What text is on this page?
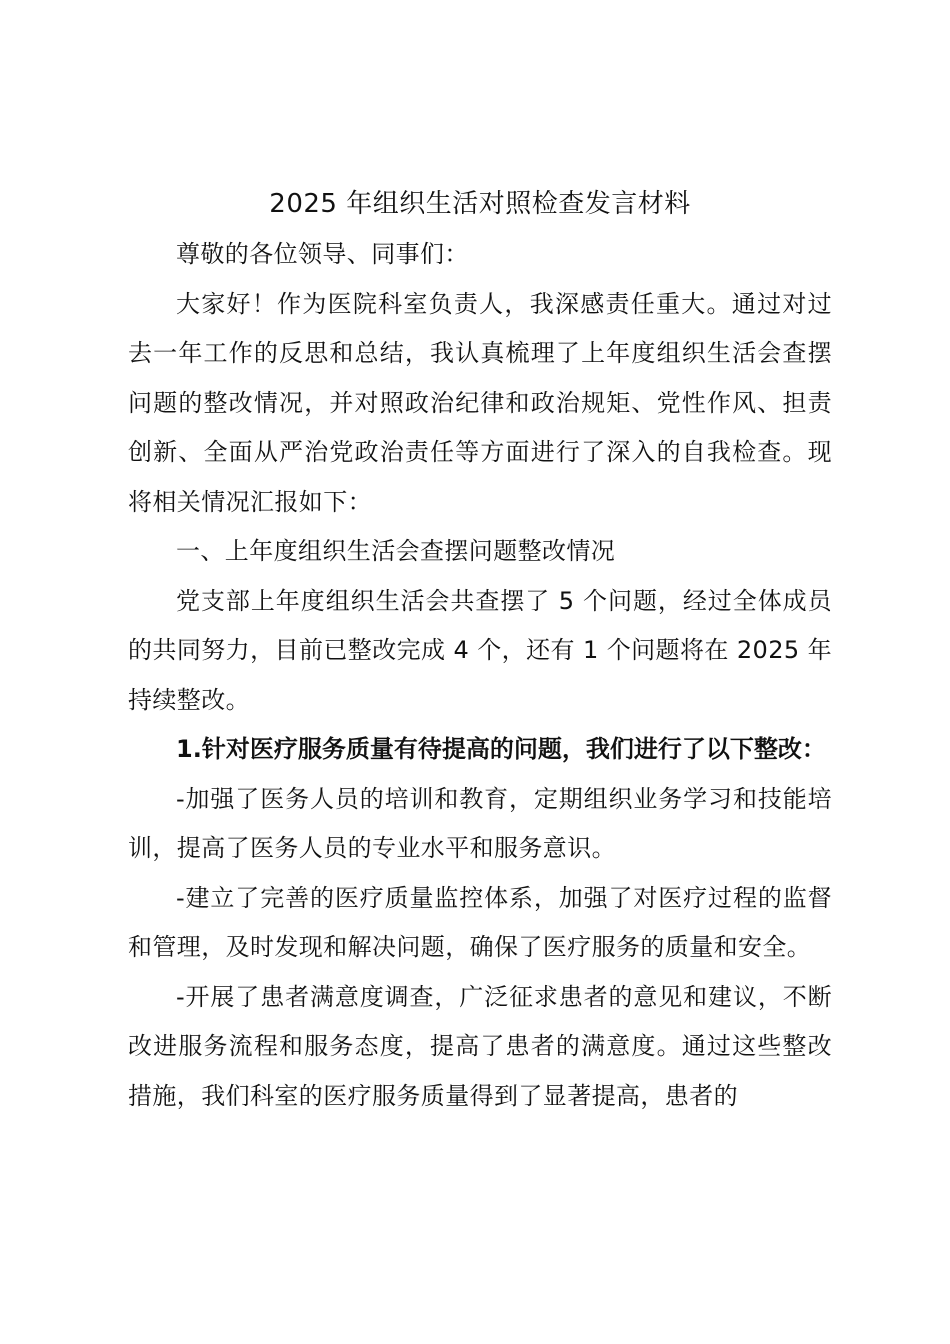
2025 年组织生活对照检查发言材料

尊敬的各位领导、同事们：

大家好！作为医院科室负责人，我深感责任重大。通过对过去一年工作的反思和总结，我认真梳理了上年度组织生活会查摆问题的整改情况，并对照政治纪律和政治规矩、党性作风、担责创新、全面从严治党政治责任等方面进行了深入的自我检查。现将相关情况汇报如下：

一、上年度组织生活会查摆问题整改情况

党支部上年度组织生活会共查摆了 5 个问题，经过全体成员的共同努力，目前已整改完成 4 个，还有 1 个问题将在 2025 年持续整改。

1.针对医疗服务质量有待提高的问题，我们进行了以下整改：

-加强了医务人员的培训和教育，定期组织业务学习和技能培训，提高了医务人员的专业水平和服务意识。

-建立了完善的医疗质量监控体系，加强了对医疗过程的监督和管理，及时发现和解决问题，确保了医疗服务的质量和安全。

-开展了患者满意度调查，广泛征求患者的意见和建议，不断改进服务流程和服务态度，提高了患者的满意度。通过这些整改措施，我们科室的医疗服务质量得到了显著提高，患者的
